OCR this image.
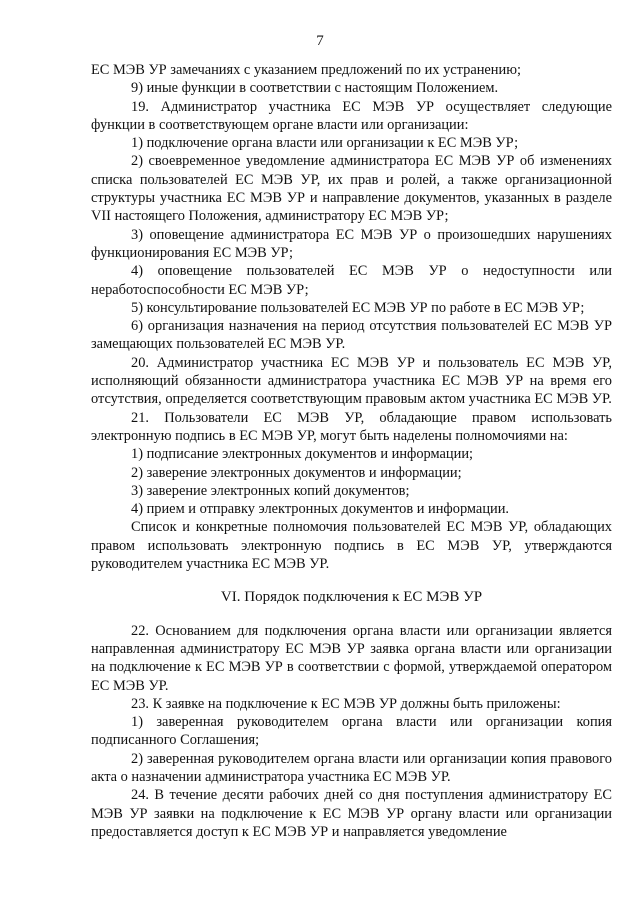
7

ЕС МЭВ УР замечаниях с указанием предложений по их устранению;

9) иные функции в соответствии с настоящим Положением.

19. Администратор участника ЕС МЭВ УР осуществляет следующие функции в соответствующем органе власти или организации:

1) подключение органа власти или организации к ЕС МЭВ УР;

2) своевременное уведомление администратора ЕС МЭВ УР об изменениях списка пользователей ЕС МЭВ УР, их прав и ролей, а также организационной структуры участника ЕС МЭВ УР и направление документов, указанных в разделе VII настоящего Положения, администратору ЕС МЭВ УР;

3) оповещение администратора ЕС МЭВ УР о произошедших нарушениях функционирования ЕС МЭВ УР;

4) оповещение пользователей ЕС МЭВ УР о недоступности или неработоспособности ЕС МЭВ УР;

5) консультирование пользователей ЕС МЭВ УР по работе в ЕС МЭВ УР;

6) организация назначения на период отсутствия пользователей ЕС МЭВ УР замещающих пользователей ЕС МЭВ УР.

20. Администратор участника ЕС МЭВ УР и пользователь ЕС МЭВ УР, исполняющий обязанности администратора участника ЕС МЭВ УР на время его отсутствия, определяется соответствующим правовым актом участника ЕС МЭВ УР.

21. Пользователи ЕС МЭВ УР, обладающие правом использовать электронную подпись в ЕС МЭВ УР, могут быть наделены полномочиями на:

1) подписание электронных документов и информации;

2) заверение электронных документов и информации;

3) заверение электронных копий документов;

4) прием и отправку электронных документов и информации.

Список и конкретные полномочия пользователей ЕС МЭВ УР, обладающих правом использовать электронную подпись в ЕС МЭВ УР, утверждаются руководителем участника ЕС МЭВ УР.

VI. Порядок подключения к ЕС МЭВ УР

22. Основанием для подключения органа власти или организации является направленная администратору ЕС МЭВ УР заявка органа власти или организации на подключение к ЕС МЭВ УР в соответствии с формой, утверждаемой оператором ЕС МЭВ УР.

23. К заявке на подключение к ЕС МЭВ УР должны быть приложены:

1) заверенная руководителем органа власти или организации копия подписанного Соглашения;

2) заверенная руководителем органа власти или организации копия правового акта о назначении администратора участника ЕС МЭВ УР.

24. В течение десяти рабочих дней со дня поступления администратору ЕС МЭВ УР заявки на подключение к ЕС МЭВ УР органу власти или организации предоставляется доступ к ЕС МЭВ УР и направляется уведомление
